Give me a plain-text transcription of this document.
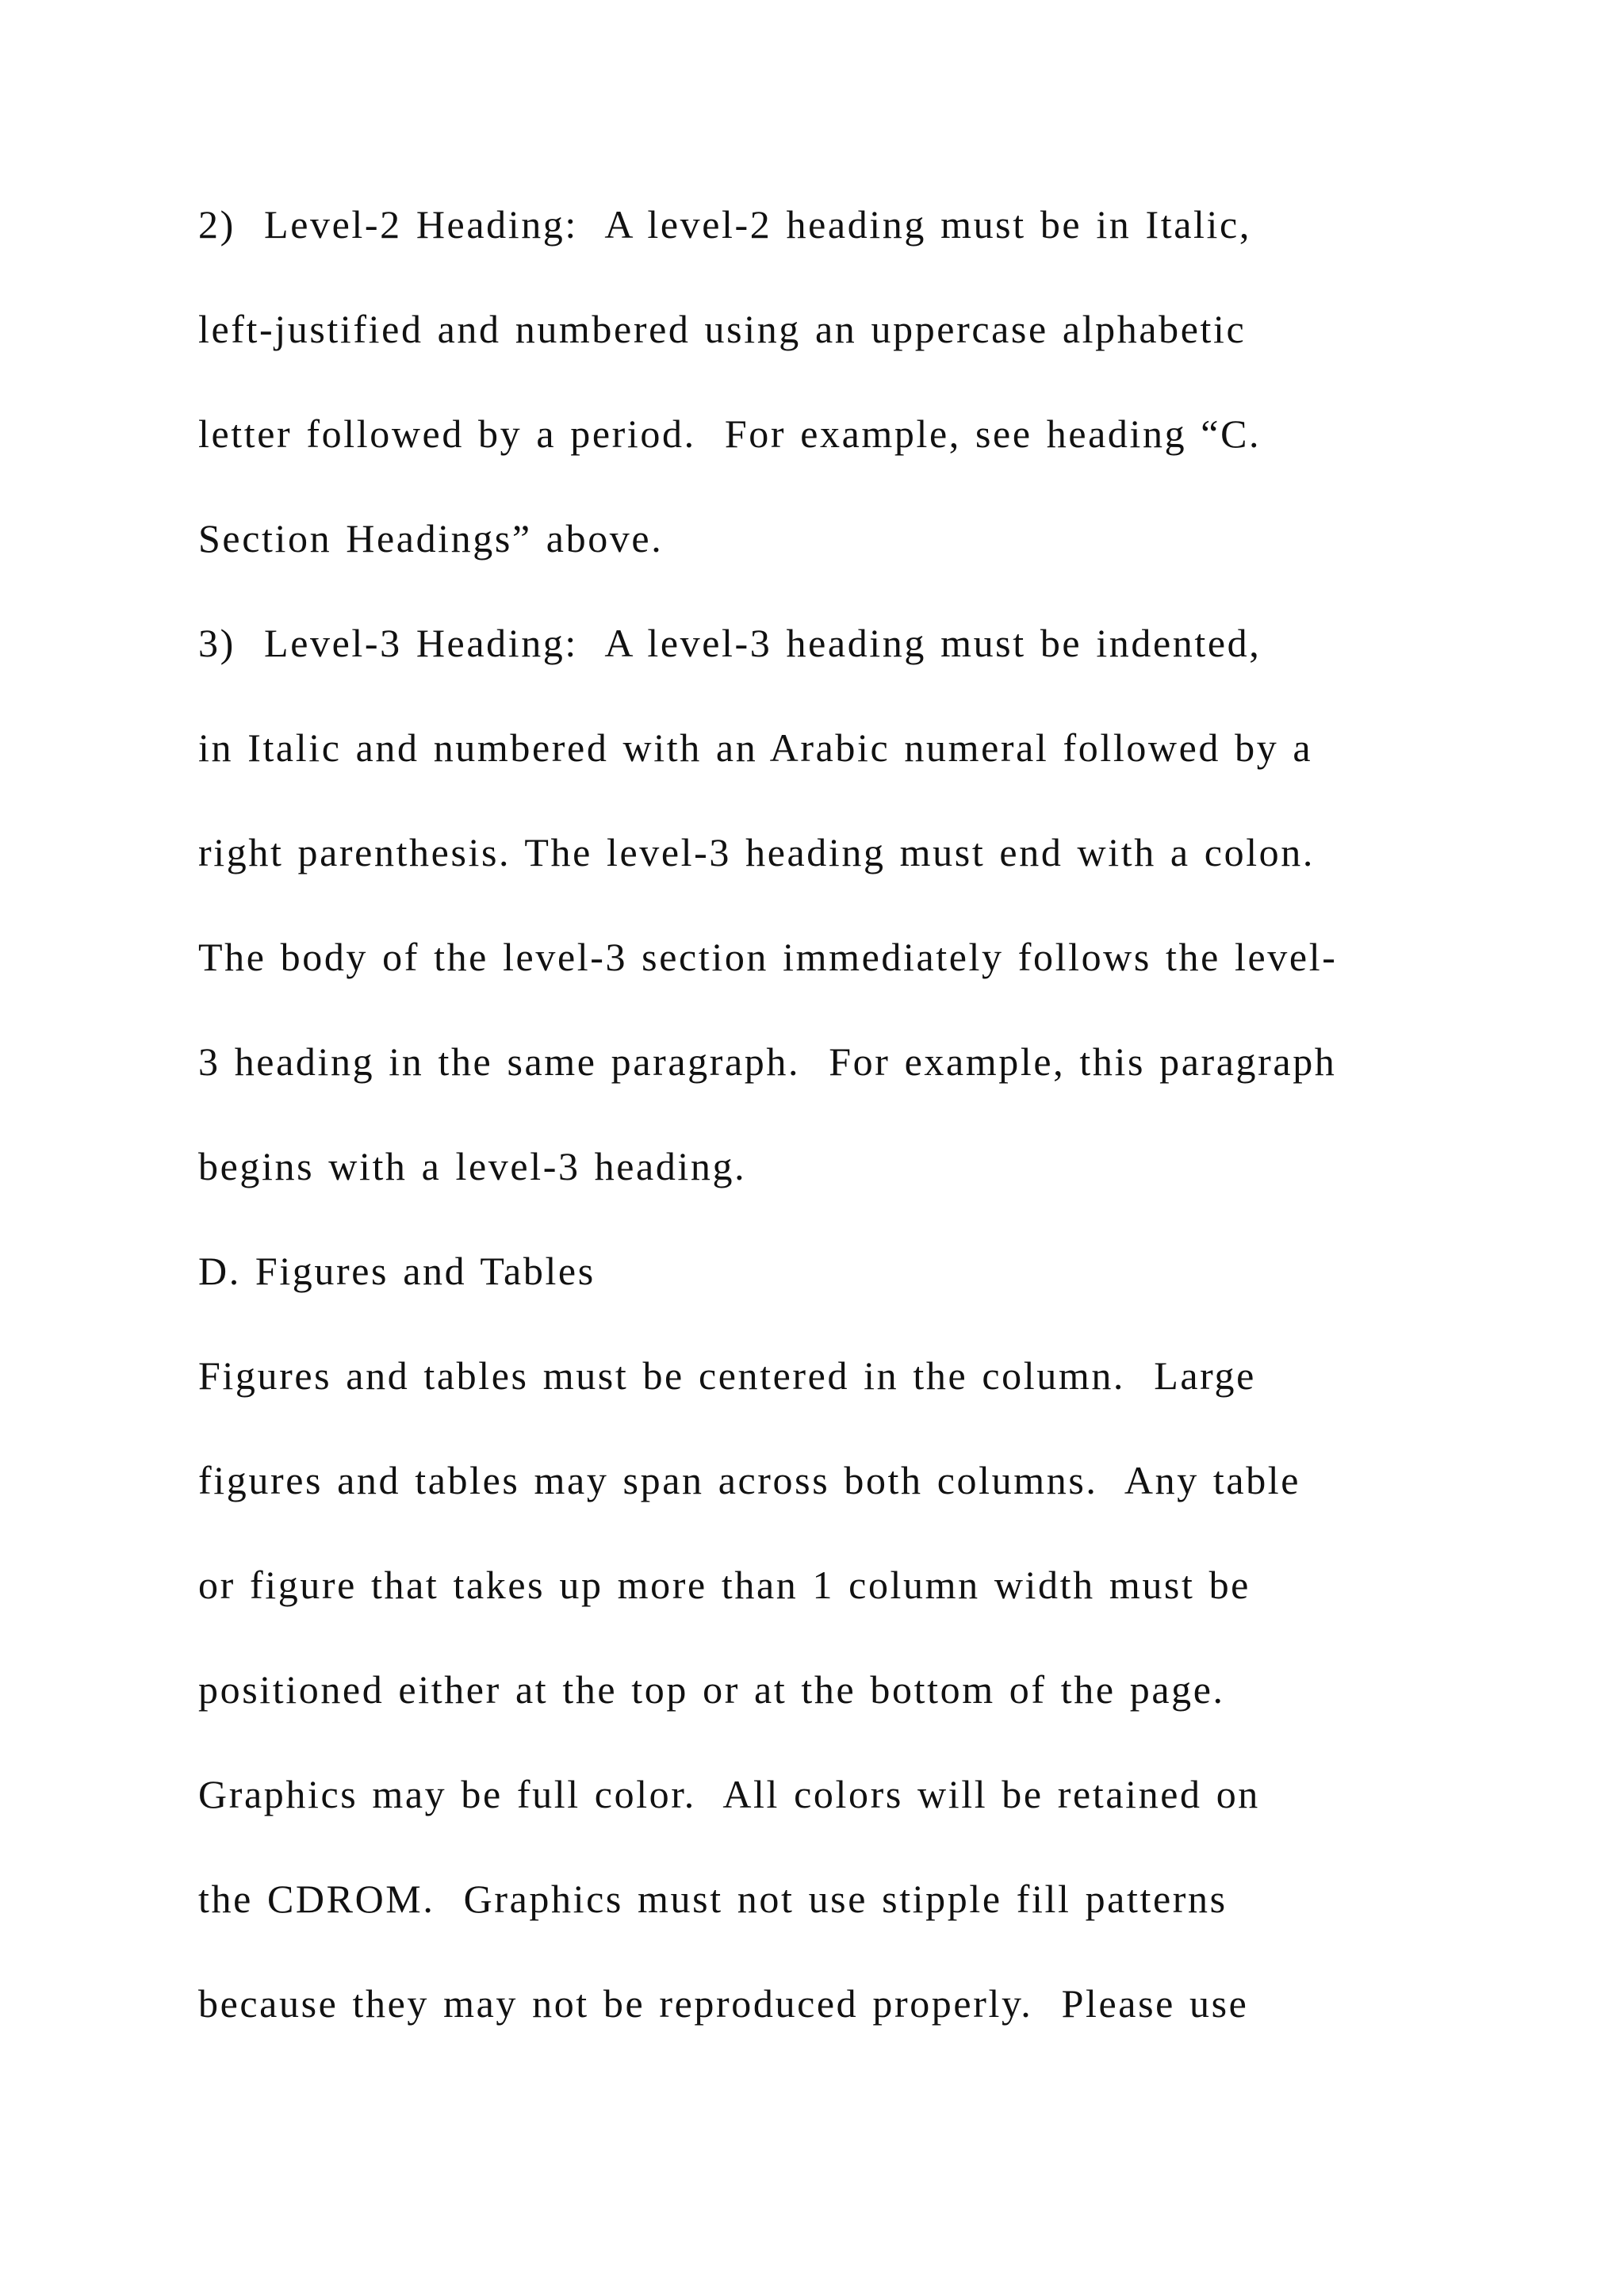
2)  Level-2 Heading:  A level-2 heading must be in Italic,
left-justified and numbered using an uppercase alphabetic
letter followed by a period.  For example, see heading “C.
Section Headings” above.
3)  Level-3 Heading:  A level-3 heading must be indented,
in Italic and numbered with an Arabic numeral followed by a
right parenthesis. The level-3 heading must end with a colon.
The body of the level-3 section immediately follows the level-
3 heading in the same paragraph.  For example, this paragraph
begins with a level-3 heading.
D. Figures and Tables
Figures and tables must be centered in the column.  Large
figures and tables may span across both columns.  Any table
or figure that takes up more than 1 column width must be
positioned either at the top or at the bottom of the page.
Graphics may be full color.  All colors will be retained on
the CDROM.  Graphics must not use stipple fill patterns
because they may not be reproduced properly.  Please use
